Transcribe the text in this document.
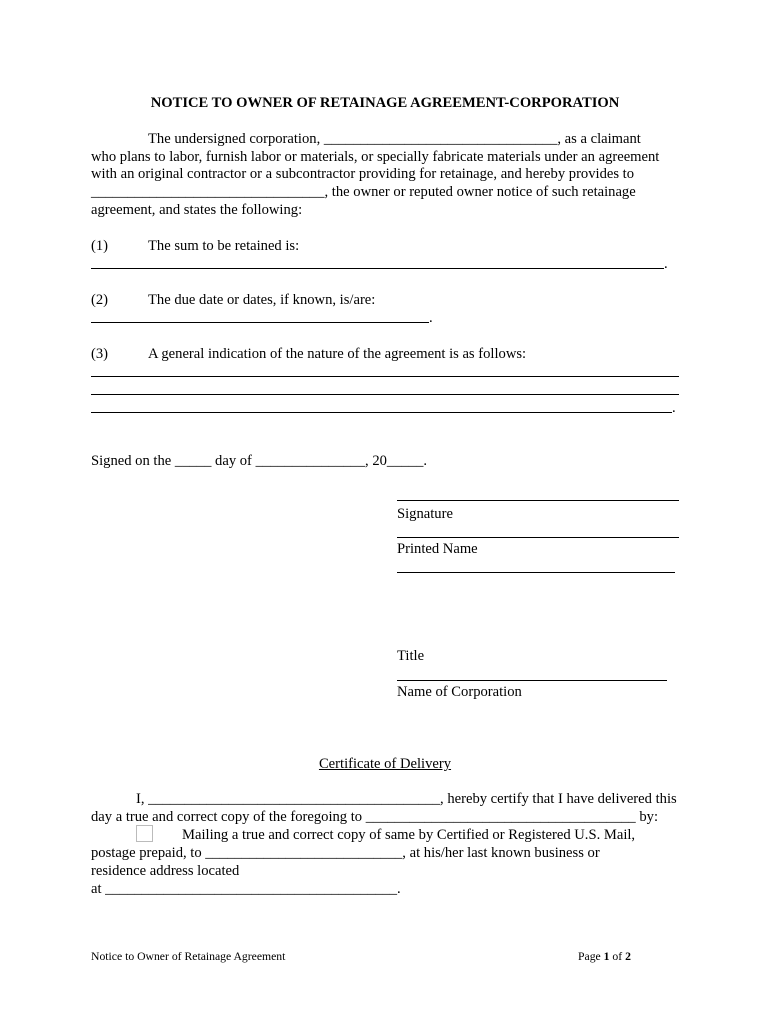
NOTICE TO OWNER OF RETAINAGE AGREEMENT-CORPORATION
The undersigned corporation, ________________________________, as a claimant
who plans to labor, furnish labor or materials, or specially fabricate materials under an agreement
with an original contractor or a subcontractor providing for retainage, and hereby provides to
________________________________, the owner or reputed owner notice of such retainage
agreement, and states the following:
(1)	The sum to be retained is:
.
(2)	The due date or dates, if known, is/are:
.
(3)	A general indication of the nature of the agreement is as follows:
.
Signed on the _____ day of _______________, 20_____.
Signature
Printed Name
Title
Name of Corporation
Certificate of Delivery
I, ________________________________________, hereby certify that I have delivered this
day a true and correct copy of the foregoing to _____________________________________ by:
Mailing a true and correct copy of same by Certified or Registered U.S. Mail,
postage prepaid, to ___________________________, at his/her last known business or
residence address located
at ________________________________________.
Notice to Owner of Retainage Agreement	Page 1 of 2
